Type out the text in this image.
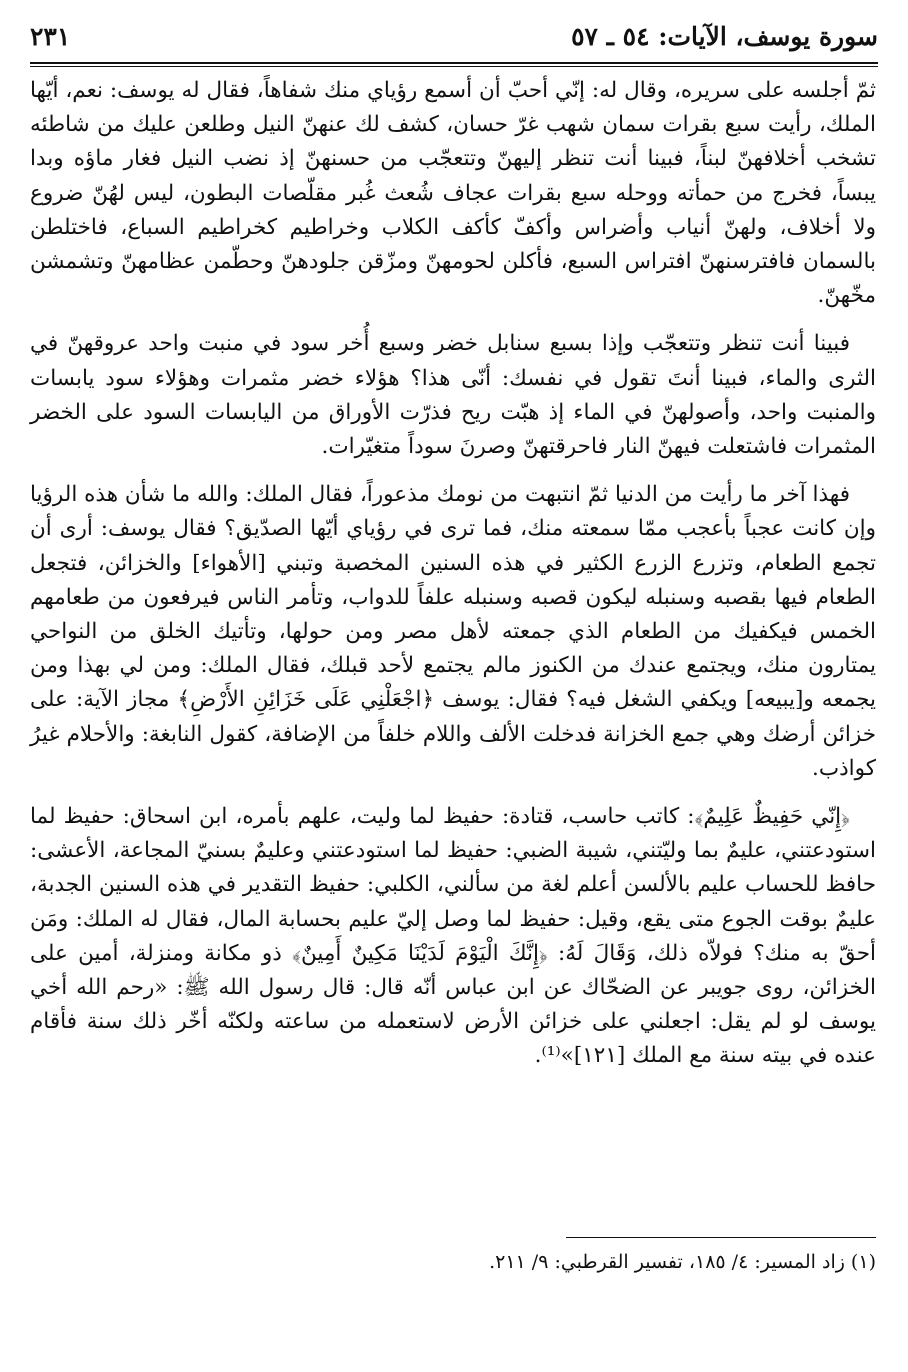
سورة يوسف، الآيات: ٥٤ ـ ٥٧
٢٣١

ثمّ أجلسه على سريره، وقال له: إنّي أحبّ أن أسمع رؤياي منك شفاهاً، فقال له يوسف: نعم، أيّها الملك، رأيت سبع بقرات سمان شهب غرّ حسان، كشف لك عنهنّ النيل وطلعن عليك من شاطئه تشخب أخلافهنّ لبناً، فبينا أنت تنظر إليهنّ وتتعجّب من حسنهنّ إذ نضب النيل فغار ماؤه وبدا يبساً، فخرج من حمأته ووحله سبع بقرات عجاف شُعث غُبر مقلّصات البطون، ليس لهُنّ ضروع ولا أخلاف، ولهنّ أنياب وأضراس وأكفّ كأكف الكلاب وخراطيم كخراطيم السباع، فاختلطن بالسمان فافترسنهنّ افتراس السبع، فأكلن لحومهنّ ومزّقن جلودهنّ وحطّمن عظامهنّ وتشمشن مخّهنّ.

فبينا أنت تنظر وتتعجّب وإذا بسبع سنابل خضر وسبع أُخر سود في منبت واحد عروقهنّ في الثرى والماء، فبينا أنتَ تقول في نفسك: أنّى هذا؟ هؤلاء خضر مثمرات وهؤلاء سود يابسات والمنبت واحد، وأصولهنّ في الماء إذ هبّت ريح فذرّت الأوراق من اليابسات السود على الخضر المثمرات فاشتعلت فيهنّ النار فاحرقتهنّ وصرنَ سوداً متغيّرات.

فهذا آخر ما رأيت من الدنيا ثمّ انتبهت من نومك مذعوراً، فقال الملك: والله ما شأن هذه الرؤيا وإن كانت عجباً بأعجب ممّا سمعته منك، فما ترى في رؤياي أيّها الصدّيق؟ فقال يوسف: أرى أن تجمع الطعام، وتزرع الزرع الكثير في هذه السنين المخصبة وتبني [الأهواء] والخزائن، فتجعل الطعام فيها بقصبه وسنبله ليكون قصبه وسنبله علفاً للدواب، وتأمر الناس فيرفعون من طعامهم الخمس فيكفيك من الطعام الذي جمعته لأهل مصر ومن حولها، وتأتيك الخلق من النواحي يمتارون منك، ويجتمع عندك من الكنوز مالم يجتمع لأحد قبلك، فقال الملك: ومن لي بهذا ومن يجمعه و[يبيعه] ويكفي الشغل فيه؟ فقال: يوسف ﴿اجْعَلْنِي عَلَى خَزَائِنِ الأَرْضِ﴾ مجاز الآية: على خزائن أرضك وهي جمع الخزانة فدخلت الألف واللام خلفاً من الإضافة، كقول النابغة: والأحلام غيرُ كواذب.

﴿إِنّي حَفِيظٌ عَلِيمٌ﴾: كاتب حاسب، قتادة: حفيظ لما وليت، علهم بأمره، ابن اسحاق: حفيظ لما استودعتني، عليمٌ بما وليّتني، شيبة الضبي: حفيظ لما استودعتني وعليمٌ بسنيّ المجاعة، الأعشى: حافظ للحساب عليم بالألسن أعلم لغة من سألني، الكلبي: حفيظ التقدير في هذه السنين الجدبة، عليمٌ بوقت الجوع متى يقع، وقيل: حفيظ لما وصل إليّ عليم بحسابة المال، فقال له الملك: ومَن أحقّ به منك؟ فولاّه ذلك، وَقَالَ لَهُ: ﴿إِنَّكَ الْيَوْمَ لَدَيْنَا مَكِينٌ أَمِينٌ﴾ ذو مكانة ومنزلة، أمين على الخزائن، روى جويبر عن الضحّاك عن ابن عباس أنّه قال: قال رسول الله ﷺ: «رحم الله أخي يوسف لو لم يقل: اجعلني على خزائن الأرض لاستعمله من ساعته ولكنّه أخّر ذلك سنة فأقام عنده في بيته سنة مع الملك [١٢١]»⁽¹⁾.

(١) زاد المسير: ٤/ ١٨٥، تفسير القرطبي: ٩/ ٢١١.
